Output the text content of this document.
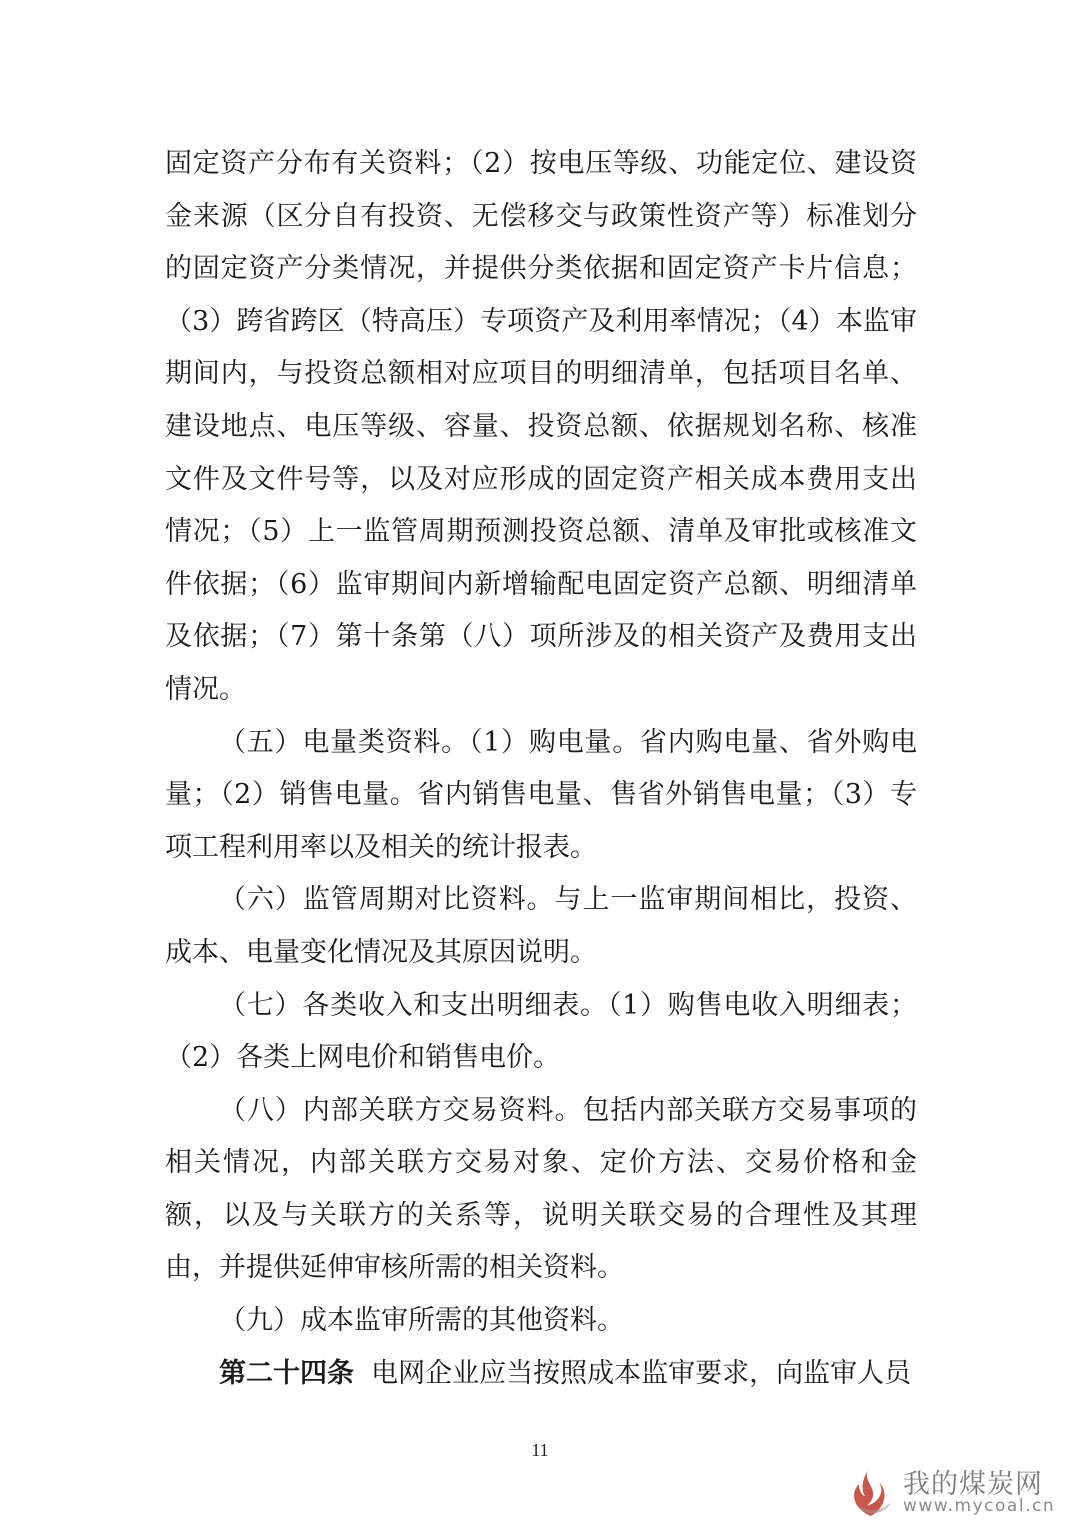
固定资产分布有关资料；（2）按电压等级、功能定位、建设资金来源（区分自有投资、无偿移交与政策性资产等）标准划分的固定资产分类情况，并提供分类依据和固定资产卡片信息；（3）跨省跨区（特高压）专项资产及利用率情况；（4）本监审期间内，与投资总额相对应项目的明细清单，包括项目名单、建设地点、电压等级、容量、投资总额、依据规划名称、核准文件及文件号等，以及对应形成的固定资产相关成本费用支出情况；（5）上一监管周期预测投资总额、清单及审批或核准文件依据；（6）监审期间内新增输配电固定资产总额、明细清单及依据；（7）第十条第（八）项所涉及的相关资产及费用支出情况。

（五）电量类资料。（1）购电量。省内购电量、省外购电量；（2）销售电量。省内销售电量、售省外销售电量；（3）专项工程利用率以及相关的统计报表。

（六）监管周期对比资料。与上一监审期间相比，投资、成本、电量变化情况及其原因说明。

（七）各类收入和支出明细表。（1）购售电收入明细表；（2）各类上网电价和销售电价。

（八）内部关联方交易资料。包括内部关联方交易事项的相关情况，内部关联方交易对象、定价方法、交易价格和金额，以及与关联方的关系等，说明关联交易的合理性及其理由，并提供延伸审核所需的相关资料。

（九）成本监审所需的其他资料。

第二十四条 电网企业应当按照成本监审要求，向监审人员

11
我的煤炭网
www.mycoal.cn
